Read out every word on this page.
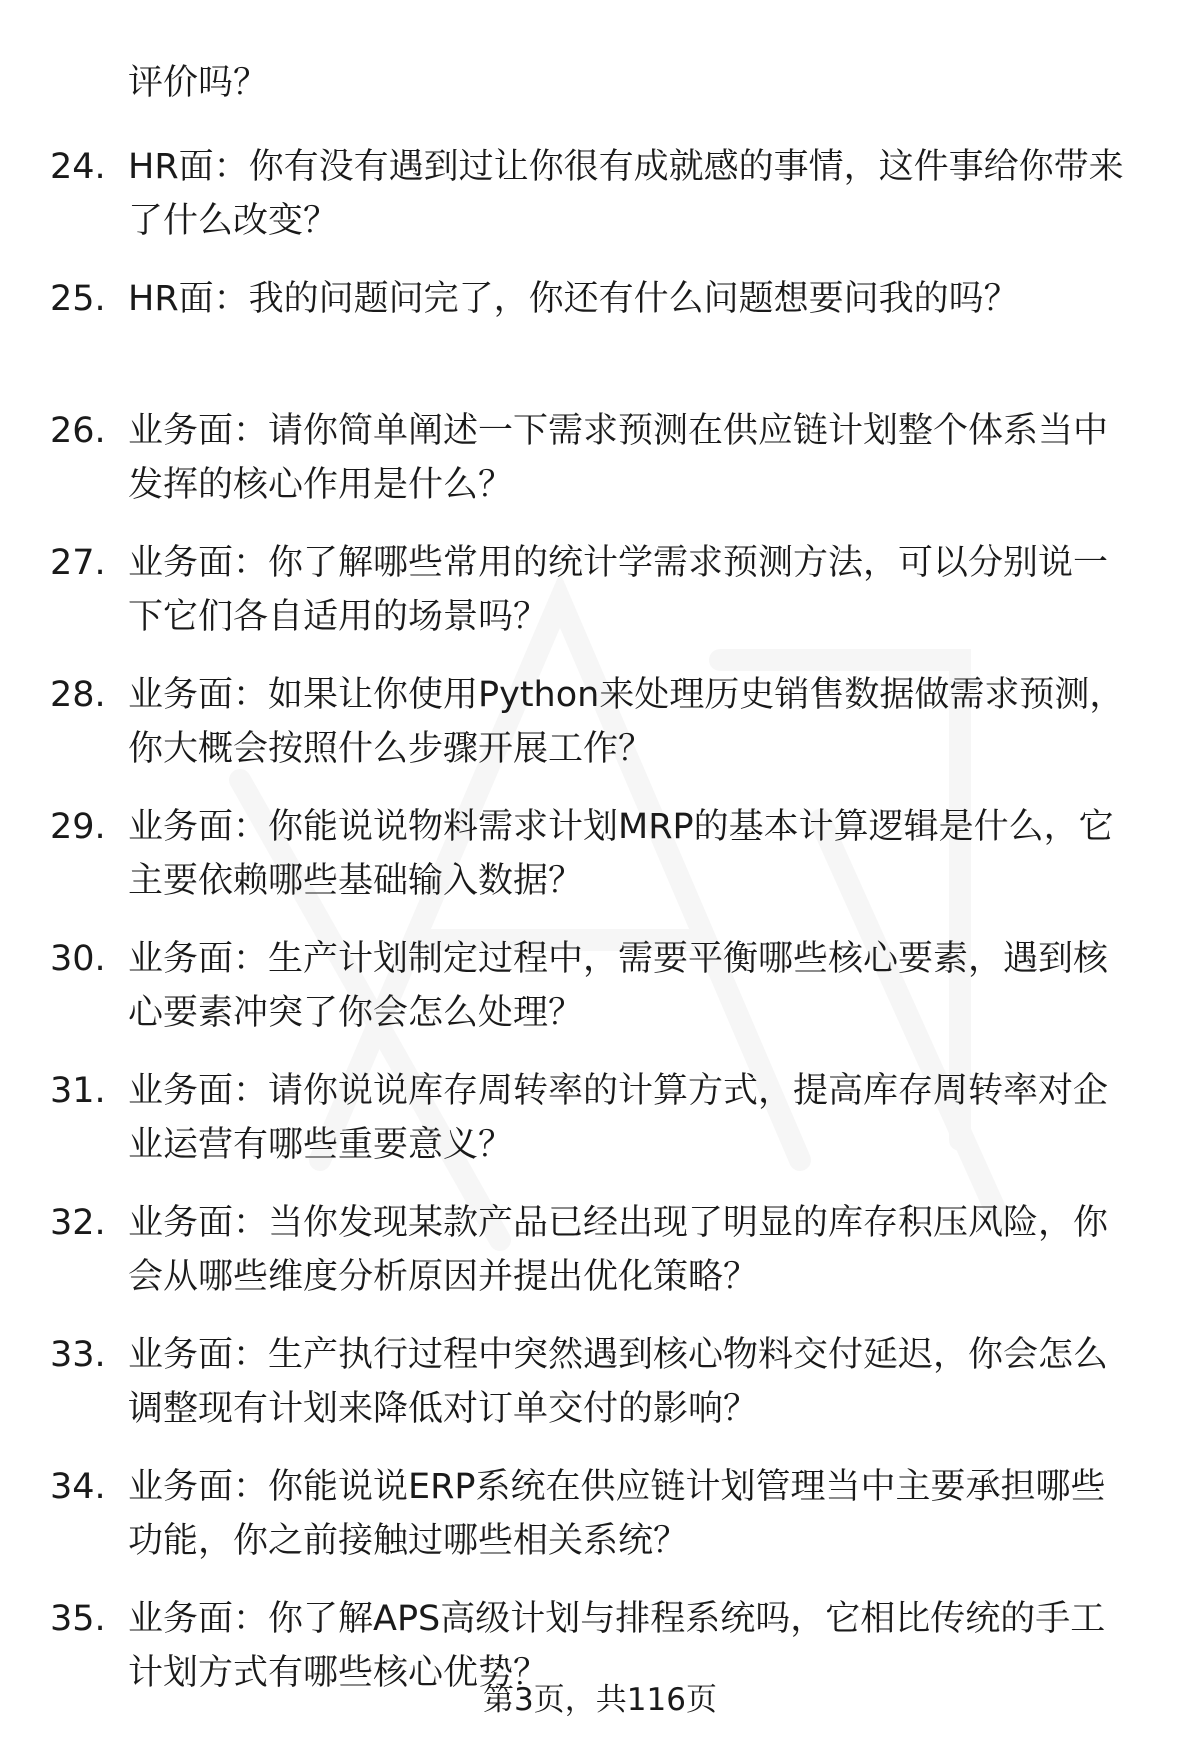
评价吗？
24. HR面：你有没有遇到过让你很有成就感的事情，这件事给你带来
了什么改变？
25. HR面：我的问题问完了，你还有什么问题想要问我的吗？
26. 业务面：请你简单阐述一下需求预测在供应链计划整个体系当中
发挥的核心作用是什么？
27. 业务面：你了解哪些常用的统计学需求预测方法，可以分别说一
下它们各自适用的场景吗？
28. 业务面：如果让你使用Python来处理历史销售数据做需求预测，
你大概会按照什么步骤开展工作？
29. 业务面：你能说说物料需求计划MRP的基本计算逻辑是什么，它
主要依赖哪些基础输入数据？
30. 业务面：生产计划制定过程中，需要平衡哪些核心要素，遇到核
心要素冲突了你会怎么处理？
31. 业务面：请你说说库存周转率的计算方式，提高库存周转率对企
业运营有哪些重要意义？
32. 业务面：当你发现某款产品已经出现了明显的库存积压风险，你
会从哪些维度分析原因并提出优化策略？
33. 业务面：生产执行过程中突然遇到核心物料交付延迟，你会怎么
调整现有计划来降低对订单交付的影响？
34. 业务面：你能说说ERP系统在供应链计划管理当中主要承担哪些
功能，你之前接触过哪些相关系统？
35. 业务面：你了解APS高级计划与排程系统吗，它相比传统的手工
计划方式有哪些核心优势？
第3页，共116页
